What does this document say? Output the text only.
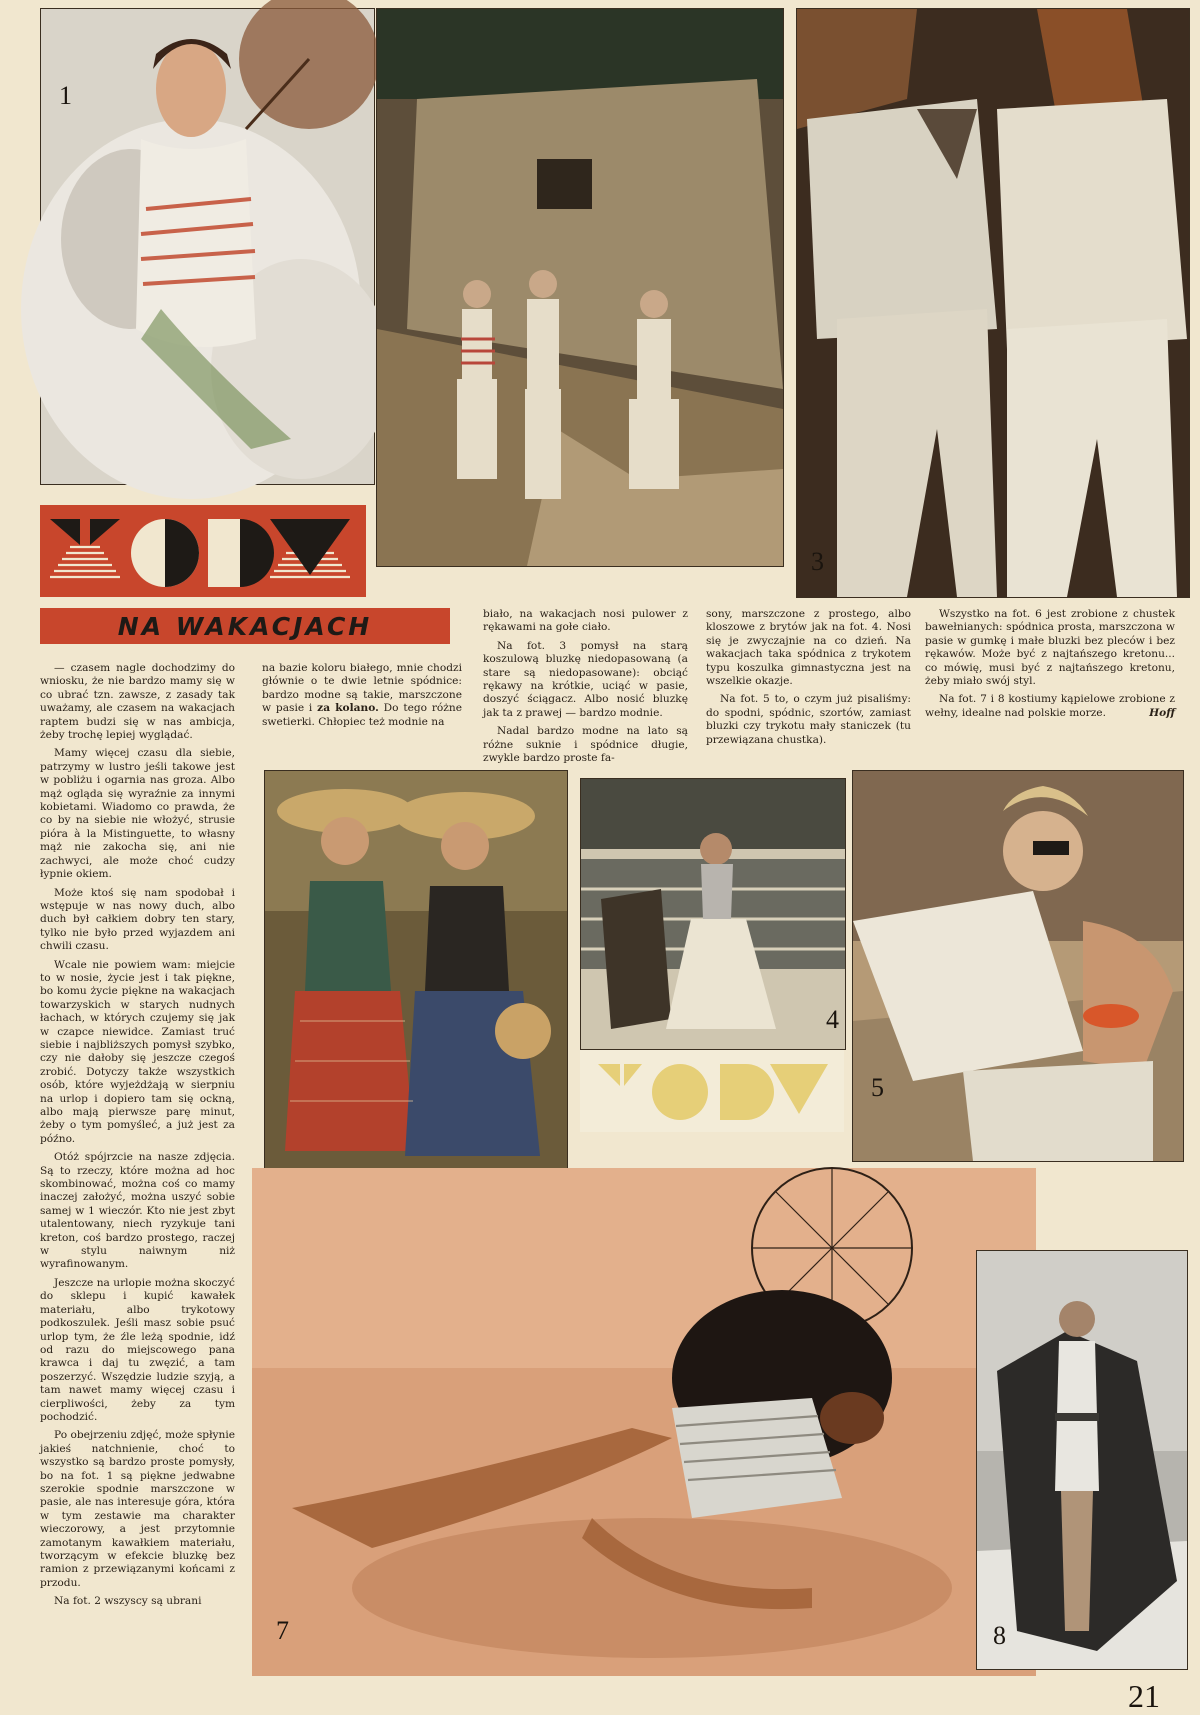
1
3
NA WAKACJACH

— czasem nagle dochodzimy do wniosku, że nie bardzo mamy się w co ubrać tzn. zawsze, z zasady tak uważamy, ale czasem na wakacjach raptem budzi się w nas ambicja, żeby trochę lepiej wyglądać.

Mamy więcej czasu dla siebie, patrzymy w lustro jeśli takowe jest w pobliżu i ogarnia nas groza. Albo mąż ogląda się wyraźnie za innymi kobietami. Wiadomo co prawda, że co by na siebie nie włożyć, strusie pióra à la Mistinguette, to własny mąż nie zakocha się, ani nie zachwyci, ale może choć cudzy łypnie okiem.

Może ktoś się nam spodobał i wstępuje w nas nowy duch, albo duch był całkiem dobry ten stary, tylko nie było przed wyjazdem ani chwili czasu.

Wcale nie powiem wam: miejcie to w nosie, życie jest i tak piękne, bo komu życie piękne na wakacjach towarzyskich w starych nudnych łachach, w których czujemy się jak w czapce niewidce. Zamiast truć siebie i najbliższych pomysł szybko, czy nie dałoby się jeszcze czegoś zrobić. Dotyczy także wszystkich osób, które wyjeżdżają w sierpniu na urlop i dopiero tam się ockną, albo mają pierwsze parę minut, żeby o tym pomyśleć, a już jest za późno.

Otóż spójrzcie na nasze zdjęcia. Są to rzeczy, które można ad hoc skombinować, można coś co mamy inaczej założyć, można uszyć sobie samej w 1 wieczór. Kto nie jest zbyt utalentowany, niech ryzykuje tani kreton, coś bardzo prostego, raczej w stylu naiwnym niż wyrafinowanym.

Jeszcze na urlopie można skoczyć do sklepu i kupić kawałek materiału, albo trykotowy podkoszulek. Jeśli masz sobie psuć urlop tym, że źle leżą spodnie, idź od razu do miejscowego pana krawca i daj tu zwęzić, a tam poszerzyć. Wszędzie ludzie szyją, a tam nawet mamy więcej czasu i cierpliwości, żeby za tym pochodzić.

Po obejrzeniu zdjęć, może spłynie jakieś natchnienie, choć to wszystko są bardzo proste pomysły, bo na fot. 1 są piękne jedwabne szerokie spodnie marszczone w pasie, ale nas interesuje góra, która w tym zestawie ma charakter wieczorowy, a jest przytomnie zamotanym kawałkiem materiału, tworzącym w efekcie bluzkę bez ramion z przewiązanymi końcami z przodu.

Na fot. 2 wszyscy są ubrani

na bazie koloru białego, mnie chodzi głównie o te dwie letnie spódnice: bardzo modne są takie, marszczone w pasie i za kolano. Do tego różne swetierki. Chłopiec też modnie na

biało, na wakacjach nosi pulower z rękawami na gołe ciało.

Na fot. 3 pomysł na starą koszulową bluzkę niedopasowaną (a stare są niedopasowane): obciąć rękawy na krótkie, uciąć w pasie, doszyć ściągacz. Albo nosić bluzkę jak ta z prawej — bardzo modnie.

Nadal bardzo modne na lato są różne suknie i spódnice długie, zwykle bardzo proste fa-

sony, marszczone z prostego, albo kloszowe z brytów jak na fot. 4. Nosi się je zwyczajnie na co dzień. Na wakacjach taka spódnica z trykotem typu koszulka gimnastyczna jest na wszelkie okazje.

Na fot. 5 to, o czym już pisaliśmy: do spodni, spódnic, szortów, zamiast bluzki czy trykotu mały staniczek (tu przewiązana chustka).

Wszystko na fot. 6 jest zrobione z chustek bawełnianych: spódnica prosta, marszczona w pasie w gumkę i małe bluzki bez pleców i bez rękawów. Może być z najtańszego kretonu... co mówię, musi być z najtańszego kretonu, żeby miało swój styl.

Na fot. 7 i 8 kostiumy kąpielowe zrobione z wełny, idealne nad polskie morze.	Hoff

4
5
7	8
21
